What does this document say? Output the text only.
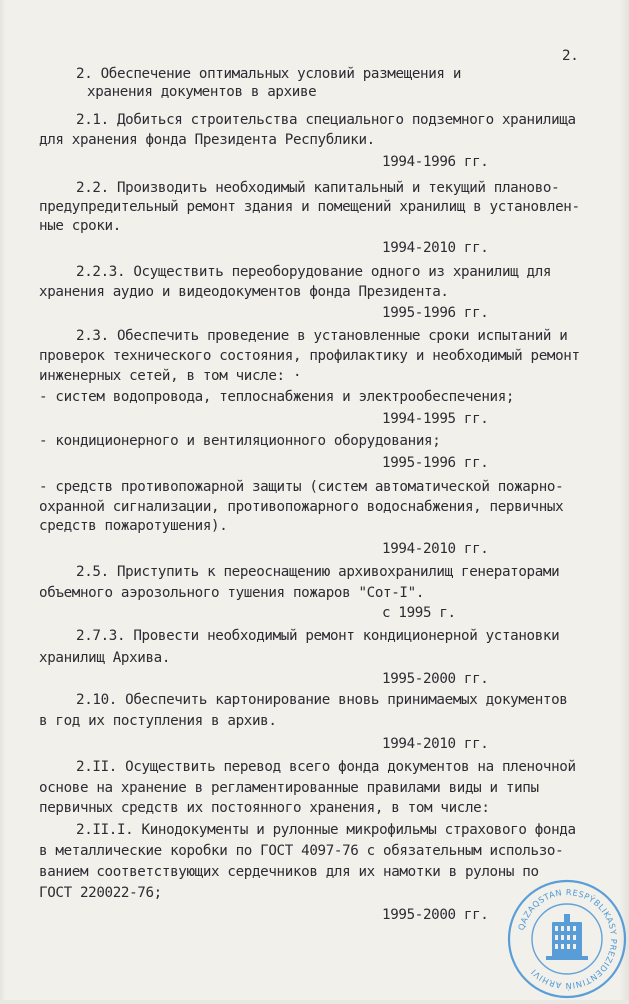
2.
2. Обеспечение оптимальных условий размещения и
хранения документов в архиве
2.1. Добиться строительства специального подземного хранилища
для хранения фонда Президента Республики.
1994-1996 гг.
2.2. Производить необходимый капитальный и текущий планово-
предупредительный ремонт здания и помещений хранилищ в установлен-
ные сроки.
1994-2010 гг.
2.2.3. Осуществить переоборудование одного из хранилищ для
хранения аудио и видеодокументов фонда Президента.
1995-1996 гг.
2.3. Обеспечить проведение в установленные сроки испытаний и
проверок технического состояния, профилактику и необходимый ремонт
инженерных сетей, в том числе: ·
- систем водопровода, теплоснабжения и электрообеспечения;
1994-1995 гг.
- кондиционерного и вентиляционного оборудования;
1995-1996 гг.
- средств противопожарной защиты (систем автоматической пожарно-
охранной сигнализации, противопожарного водоснабжения, первичных
средств пожаротушения).
1994-2010 гг.
2.5. Приступить к переоснащению архивохранилищ генераторами
объемного аэрозольного тушения пожаров "Сот-I".
с 1995 г.
2.7.3. Провести необходимый ремонт кондиционерной установки
хранилищ Архива.
1995-2000 гг.
2.10. Обеспечить картонирование вновь принимаемых документов
в год их поступления в архив.
1994-2010 гг.
2.II. Осуществить перевод всего фонда документов на пленочной
основе на хранение в регламентированные правилами виды и типы
первичных средств их постоянного хранения, в том числе:
2.II.I. Кинодокументы и рулонные микрофильмы страхового фонда
в металлические коробки по ГОСТ 4097-76 с обязательным использо-
ванием соответствующих сердечников для их намотки в рулоны по
ГОСТ 220022-76;
1995-2000 гг.
QAZAQSTAN RESPÝBLIKASY PREZIDENTINIŃ ARHIVI
